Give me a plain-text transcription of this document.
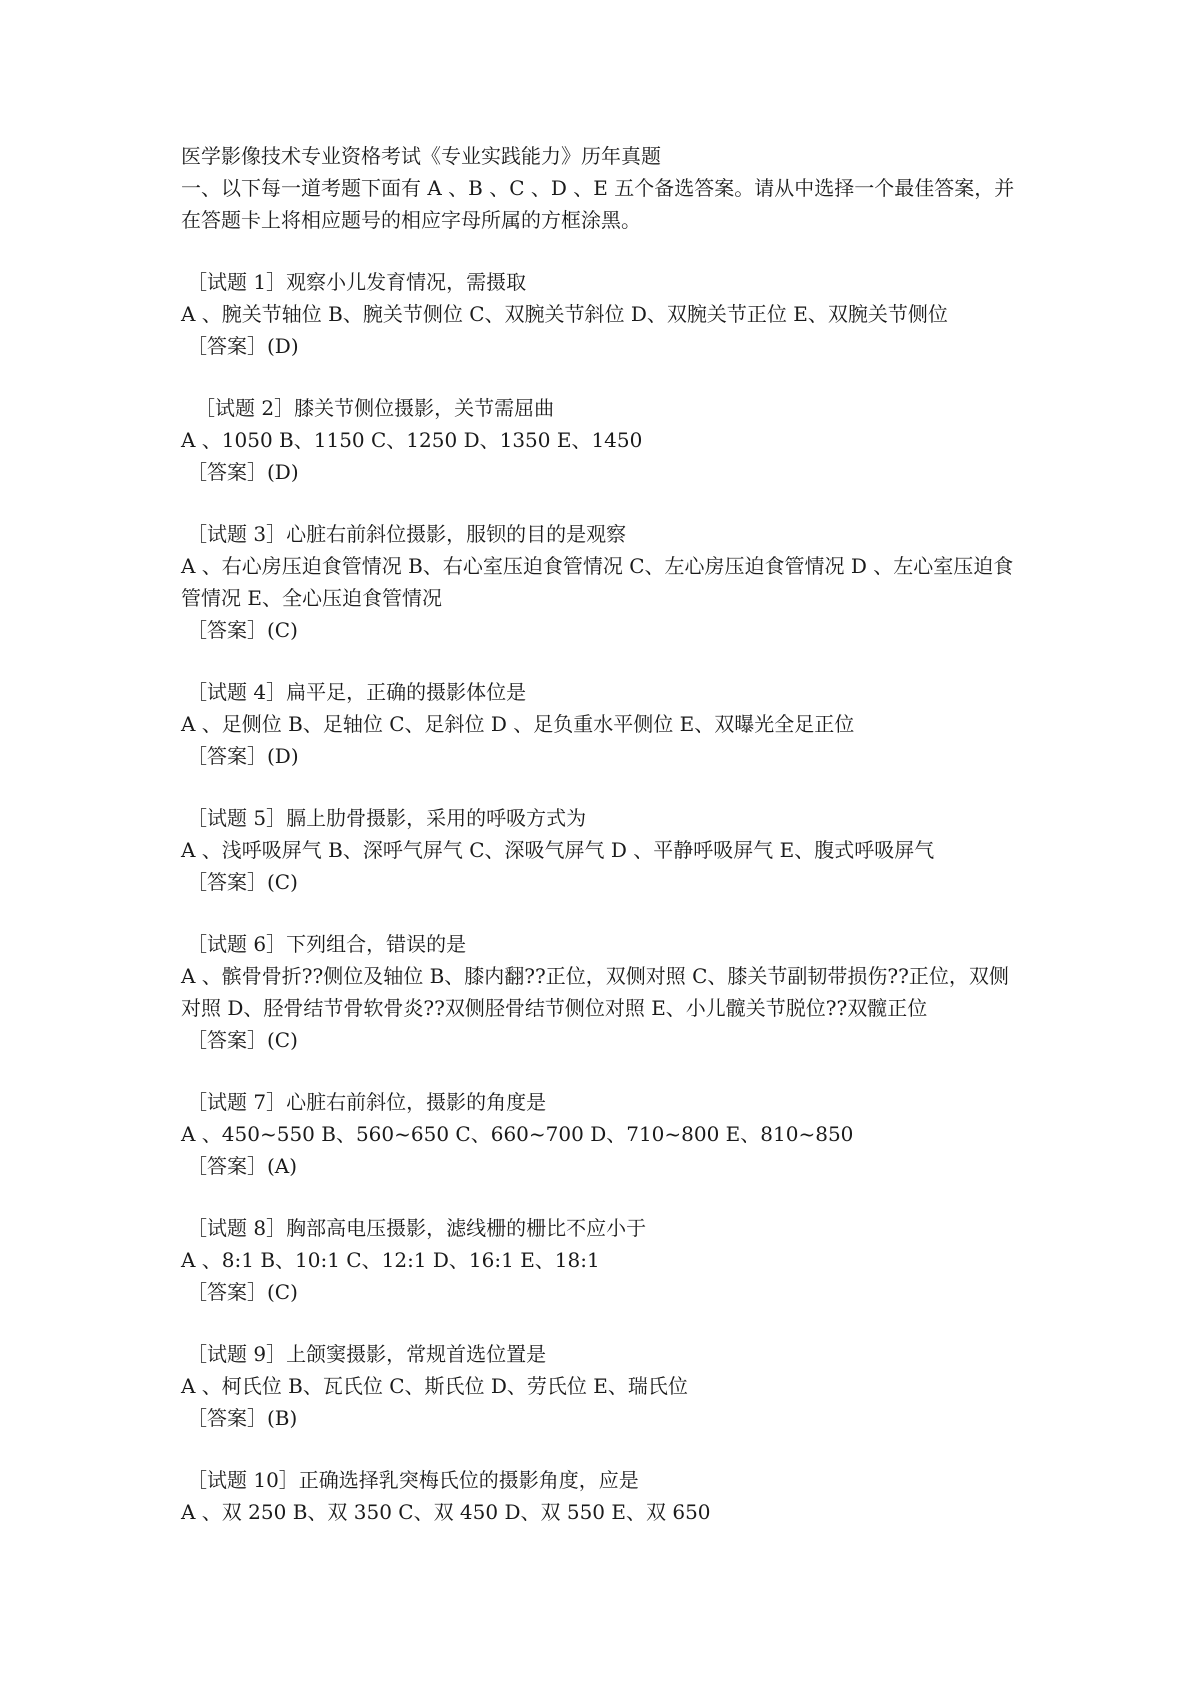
医学影像技术专业资格考试《专业实践能力》历年真题

一、以下每一道考题下面有 A 、B 、C 、D 、E 五个备选答案。请从中选择一个最佳答案，并在答题卡上将相应题号的相应字母所属的方框涂黑。

［试题 1］观察小儿发育情况，需摄取

A 、腕关节轴位 B、腕关节侧位 C、双腕关节斜位 D、双腕关节正位 E、双腕关节侧位

［答案］(D)

［试题 2］膝关节侧位摄影，关节需屈曲

A 、1050 B、1150 C、1250 D、1350 E、1450

［答案］(D)

［试题 3］心脏右前斜位摄影，服钡的目的是观察

A 、右心房压迫食管情况 B、右心室压迫食管情况 C、左心房压迫食管情况 D 、左心室压迫食管情况 E、全心压迫食管情况

［答案］(C)

［试题 4］扁平足，正确的摄影体位是

A 、足侧位 B、足轴位 C、足斜位 D 、足负重水平侧位 E、双曝光全足正位

［答案］(D)

［试题 5］膈上肋骨摄影，采用的呼吸方式为

A 、浅呼吸屏气 B、深呼气屏气 C、深吸气屏气 D 、平静呼吸屏气 E、腹式呼吸屏气

［答案］(C)

［试题 6］下列组合，错误的是

A 、髌骨骨折??侧位及轴位 B、膝内翻??正位，双侧对照 C、膝关节副韧带损伤??正位，双侧对照 D、胫骨结节骨软骨炎??双侧胫骨结节侧位对照 E、小儿髋关节脱位??双髋正位

［答案］(C)

［试题 7］心脏右前斜位，摄影的角度是

A 、450~550 B、560~650 C、660~700 D、710~800 E、810~850

［答案］(A)

［试题 8］胸部高电压摄影，滤线栅的栅比不应小于

A 、8:1 B、10:1 C、12:1 D、16:1 E、18:1

［答案］(C)

［试题 9］上颌窦摄影，常规首选位置是

A 、柯氏位 B、瓦氏位 C、斯氏位 D、劳氏位 E、瑞氏位

［答案］(B)

［试题 10］正确选择乳突梅氏位的摄影角度，应是

A 、双 250 B、双 350 C、双 450 D、双 550 E、双 650
